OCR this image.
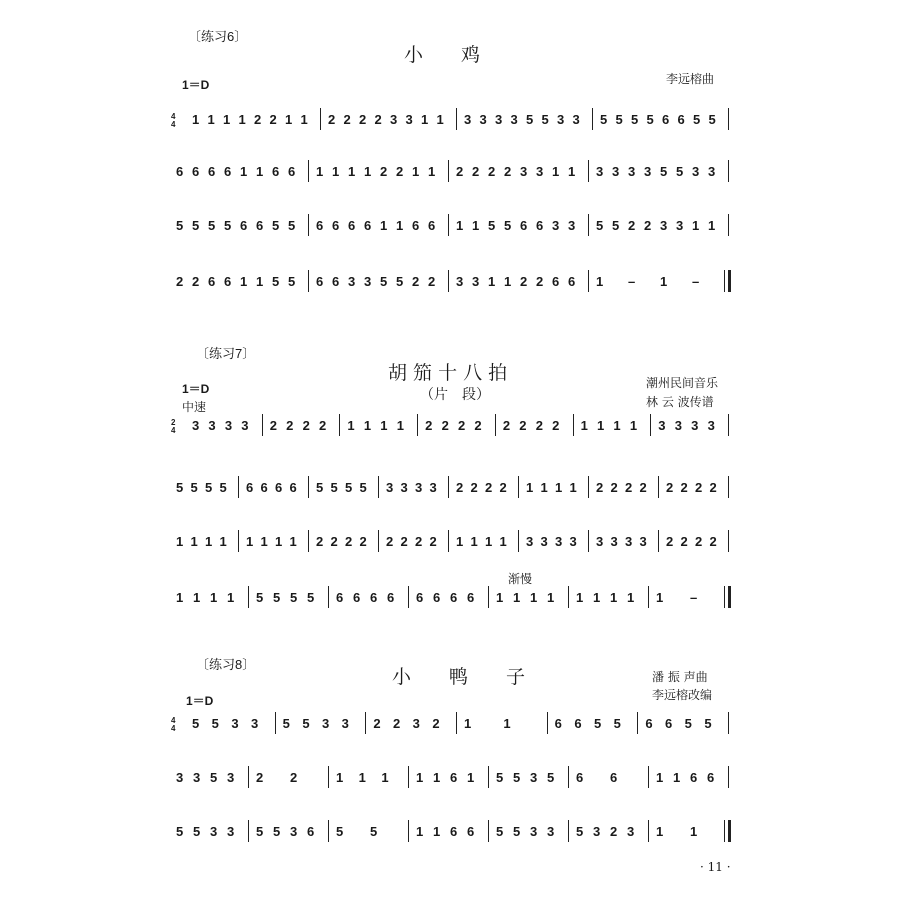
〔练习6〕
小　　鸡
1＝D	李远榕曲
4
4 1 1 1 1 2 2 1 1 2 2 2 2 3 3 1 1 3 3 3 3 5 5 3 3 5 5 5 5 6 6 5 5
6 6 6 6 1 1 6 6 1 1 1 1 2 2 1 1 2 2 2 2 3 3 1 1 3 3 3 3 5 5 3 3
5 5 5 5 6 6 5 5 6 6 6 6 1 1 6 6 1 1 5 5 6 6 3 3 5 5 2 2 3 3 1 1
2 2 6 6 1 1 5 5 6 6 3 3 5 5 2 2 3 3 1 1 2 2 6 6 1 – 1 –
〔练习7〕
胡 笳 十 八 拍
（片　段）
1＝D
中速
潮州民间音乐
林 云 波传谱
渐慢
2
4 3 3 3 3 2 2 2 2 1 1 1 1 2 2 2 2 2 2 2 2 1 1 1 1 3 3 3 3
5 5 5 5 6 6 6 6 5 5 5 5 3 3 3 3 2 2 2 2 1 1 1 1 2 2 2 2 2 2 2 2
1 1 1 1 1 1 1 1 2 2 2 2 2 2 2 2 1 1 1 1 3 3 3 3 3 3 3 3 2 2 2 2
1 1 1 1 5 5 5 5 6 6 6 6 6 6 6 6 1 1 1 1 1 1 1 1 1 –
〔练习8〕
小　　鸭　　子
1＝D
潘 振 声曲
李远榕改编
4
4 5 5 3 3 5 5 3 3 2 2 3 2 1 1	6 6 5 5 6 6 5 5
3 3 5 3 2 2	1 1 1 1 1 6 1 5 5 3 5 6 6	1 1 6 6
5 5 3 3 5 5 3 6 5 5	1 1 6 6 5 5 3 3 5 3 2 3 1 1
· 11 ·
